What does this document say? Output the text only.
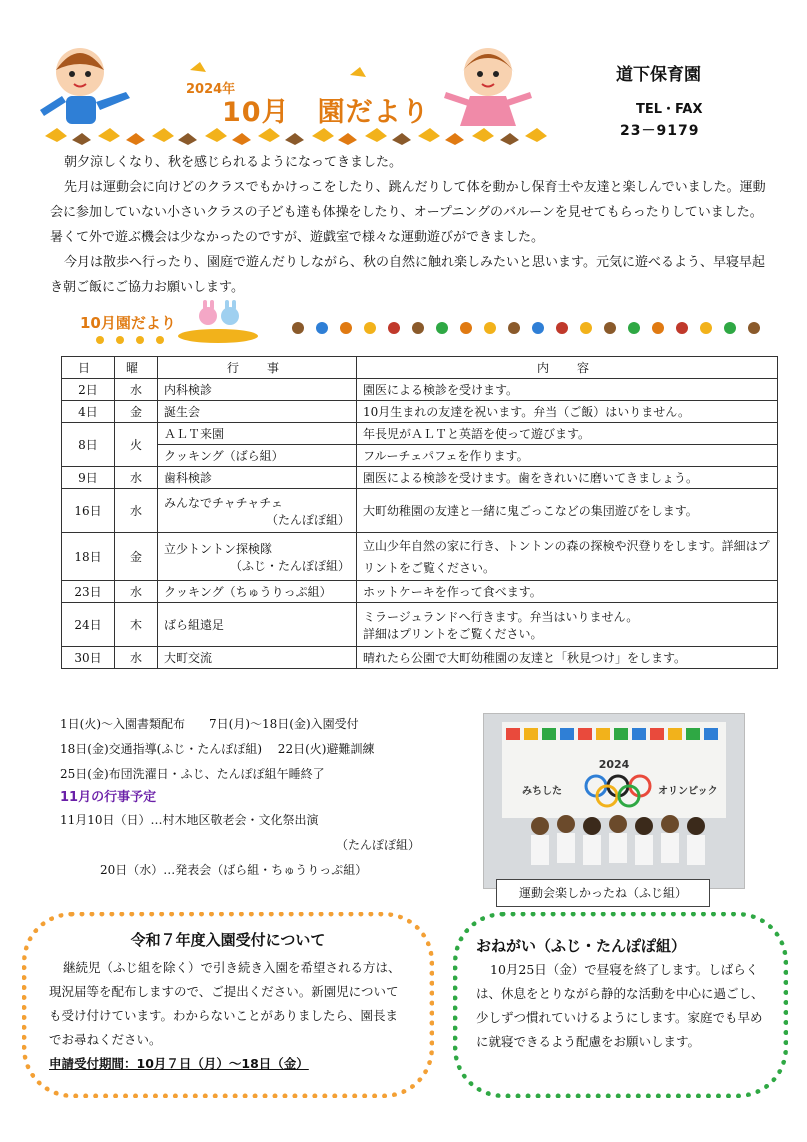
2024年
10月　園だより
道下保育園
TEL・FAX
23－9179

朝夕涼しくなり、秋を感じられるようになってきました。

先月は運動会に向けどのクラスでもかけっこをしたり、跳んだりして体を動かし保育士や友達と楽しんでいました。運動会に参加していない小さいクラスの子ども達も体操をしたり、オープニングのバルーンを見せてもらったりしていました。暑くて外で遊ぶ機会は少なかったのですが、遊戯室で様々な運動遊びができました。

今月は散歩へ行ったり、園庭で遊んだりしながら、秋の自然に触れ楽しみたいと思います。元気に遊べるよう、早寝早起き朝ご飯にご協力お願いします。

10月園だより
日	曜	行　事	内　容
2日	水	内科検診	園医による検診を受けます。
4日	金	誕生会	10月生まれの友達を祝います。弁当（ご飯）はいりません。
8日	火	ＡＬＴ来園	年長児がＡＬＴと英語を使って遊びます。
		クッキング（ばら組）	フルーチェパフェを作ります。
9日	水	歯科検診	園医による検診を受けます。歯をきれいに磨いてきましょう。
16日	水	みんなでチャチャチェ
（たんぽぽ組）	大町幼稚園の友達と一緒に鬼ごっこなどの集団遊びをします。
18日	金	立少トントン探検隊
（ふじ・たんぽぽ組）	立山少年自然の家に行き、トントンの森の探検や沢登りをします。詳細はプリントをご覧ください。
23日	水	クッキング（ちゅうりっぷ組）	ホットケーキを作って食べます。
24日	木	ばら組遠足	ミラージュランドへ行きます。弁当はいりません。
詳細はプリントをご覧ください。

30日	水	大町交流	晴れたら公園で大町幼稚園の友達と「秋見つけ」をします。
1日(火)～入園書類配布　　7日(月)～18日(金)入園受付
18日(金)交通指導(ふじ・たんぽぽ組)　 22日(火)避難訓練
25日(金)布団洗濯日・ふじ、たんぽぽ組午睡終了
11月の行事予定
11月10日（日）…村木地区敬老会・文化祭出演
（たんぽぽ組）
20日（水）…発表会（ばら組・ちゅうりっぷ組）
2024
みちした	オリンピック
運動会楽しかったね（ふじ組）
令和７年度入園受付について
継続児（ふじ組を除く）で引き続き入園を希望される方は、現況届等を配布しますので、ご提出ください。新園児についても受け付けています。わからないことがありましたら、園長までお尋ねください。
申請受付期間：10月７日（月）～18日（金）
おねがい（ふじ・たんぽぽ組）
10月25日（金）で昼寝を終了します。しばらくは、休息をとりながら静的な活動を中心に過ごし、少しずつ慣れていけるようにします。家庭でも早めに就寝できるよう配慮をお願いします。
